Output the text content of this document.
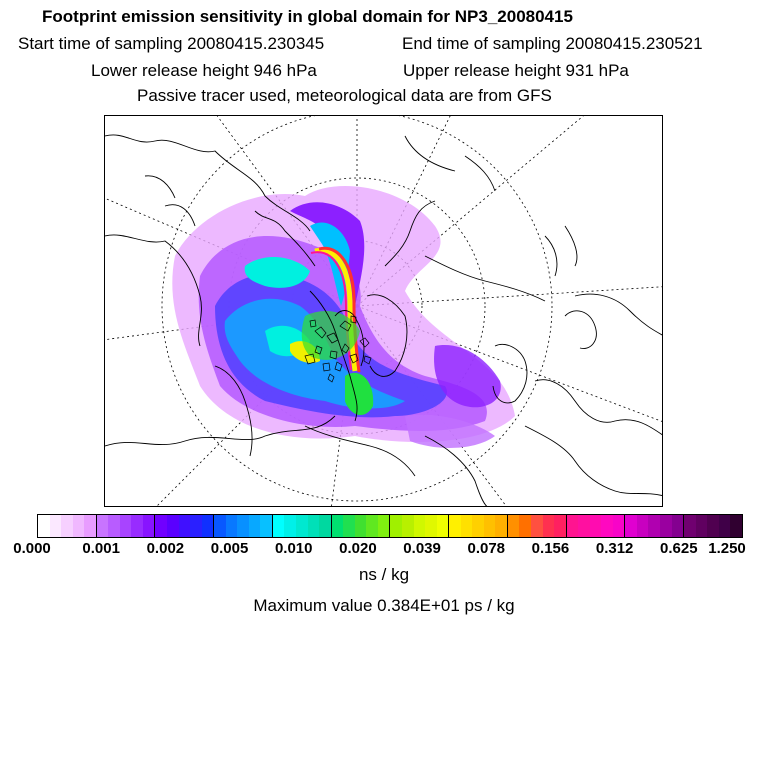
Footprint emission sensitivity in global domain for NP3_20080415
Start time of sampling 20080415.230345	End time of sampling 20080415.230521
Lower release height 946 hPa	Upper release height 931 hPa
Passive tracer used, meteorological data are from GFS
0.000 0.001 0.002 0.005 0.010 0.020 0.039 0.078 0.156 0.312 0.625 1.250
ns / kg
Maximum value 0.384E+01 ps / kg
